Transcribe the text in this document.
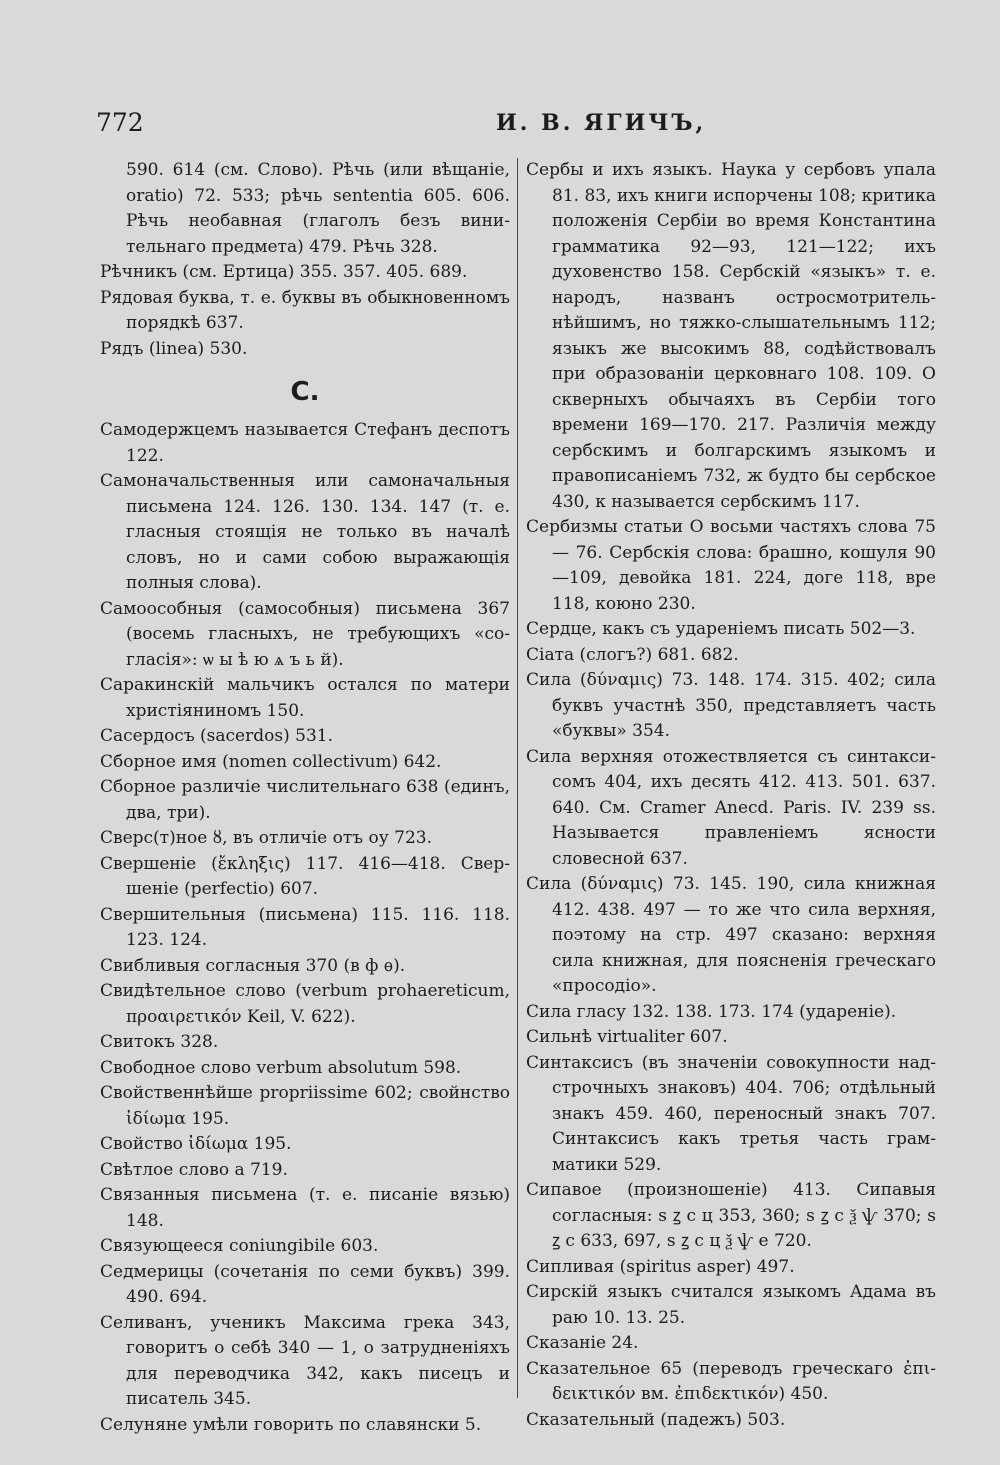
772	И. В. ЯГИЧЪ,

590. 614 (см. Слово). Рѣчь (или вѣщаніе, oratio) 72. 533; рѣчь sententia 605. 606. Рѣчь необавная (глаголъ безъ винительнаго предмета) 479. Рѣчь 328.

Рѣчникъ (см. Ертица) 355. 357. 405. 689.

Рядовая буква, т. е. буквы въ обыкновенномъ порядкѣ 637.

Рядъ (linea) 530.

С.

Самодержцемъ называется Стефанъ деспотъ 122.

Самоначальственныя или самоначальныя письмена 124. 126. 130. 134. 147 (т. е. гласныя стоящія не только въ началѣ словъ, но и сами собою выражающія полныя слова).

Самоособныя (самособныя) письмена 367 (восемь гласныхъ, не требующихъ «согласія»: ѡ ы ѣ ю ѧ ъ ь й).

Саракинскій мальчикъ остался по матери христіяниномъ 150.

Сасердосъ (sacerdos) 531.

Сборное имя (nomen collectivum) 642.

Сборное различіе числительнаго 638 (единъ, два, три).

Сверс(т)ное ȣ, въ отличіе отъ оу 723.

Свершеніе (ἔκληξις) 117. 416—418. Свершеніе (perfectio) 607.

Свершительныя (письмена) 115. 116. 118. 123. 124.

Свибливыя согласныя 370 (в ф ѳ).

Свидѣтельное слово (verbum prohaereticum, προαιρετικόν Keil, V. 622).

Свитокъ 328.

Свободное слово verbum absolutum 598.

Свойственнѣйше propriissime 602; свойнство ἰδίωμα 195.

Свойство ἰδίωμα 195.

Свѣтлое слово а 719.

Связанныя письмена (т. е. писаніе вязью) 148.

Связующееся coniungibile 603.

Седмерицы (сочетанія по семи буквъ) 399. 490. 694.

Селиванъ, ученикъ Максима грека 343, говоритъ о себѣ 340 — 1, о затрудненіяхъ для переводчика 342, какъ писецъ и писатель 345.

Селуняне умѣли говорить по славянски 5.

Сербы и ихъ языкъ. Наука у сербовъ упала 81. 83, ихъ книги испорчены 108; критика положенія Сербіи во время Константина грамматика 92—93, 121—122; ихъ духовенство 158. Сербскій «языкъ» т. е. народъ, названъ остросмотрительнѣйшимъ, но тяжко-слышательнымъ 112; языкъ же высокимъ 88, содѣйствовалъ при образованіи церковнаго 108. 109. О скверныхъ обычаяхъ въ Сербіи того времени 169—170. 217. Различія между сербскимъ и болгарскимъ языкомъ и правописаніемъ 732, ж будто бы сербское 430, к называется сербскимъ 117.

Сербизмы статьи О восьми частяхъ слова 75 — 76. Сербскія слова: брашно, кошуля 90—109, девойка 181. 224, доге 118, вре 118, коюно 230.

Сердце, какъ съ удареніемъ писать 502—3.

Сіата (слогъ?) 681. 682.

Сила (δύναμις) 73. 148. 174. 315. 402; сила буквъ участнѣ 350, представляетъ часть «буквы» 354.

Сила верхняя отожествляется съ синтаксисомъ 404, ихъ десять 412. 413. 501. 637. 640. См. Cramer Anecd. Paris. IV. 239 ss. Называется правленіемъ ясности словесной 637.

Сила (δύναμις) 73. 145. 190, сила книжная 412. 438. 497 — то же что сила верхняя, поэтому на стр. 497 сказано: верхняя сила книжная, для поясненія греческаго «просодіо».

Сила гласу 132. 138. 173. 174 (удареніе).

Сильнѣ virtualiter 607.

Синтаксисъ (въ значеніи совокупности надстрочныхъ знаковъ) 404. 706; отдѣльный знакъ 459. 460, переносный знакъ 707. Синтаксисъ какъ третья часть грамматики 529.

Сипавое (произношеніе) 413. Сипавыя согласныя: ѕ ꙁ с ц 353, 360; ѕ ꙁ с ѯ ѱ 370; ѕ ꙁ с 633, 697, ѕ ꙁ с ц ѯ ѱ е 720.

Сипливая (spiritus asper) 497.

Сирскій языкъ считался языкомъ Адама въ раю 10. 13. 25.

Сказаніе 24.

Сказательное 65 (переводъ греческаго ἐπιδεικτικόν вм. ἐπιδεκτικόν) 450.

Сказательный (падежъ) 503.
